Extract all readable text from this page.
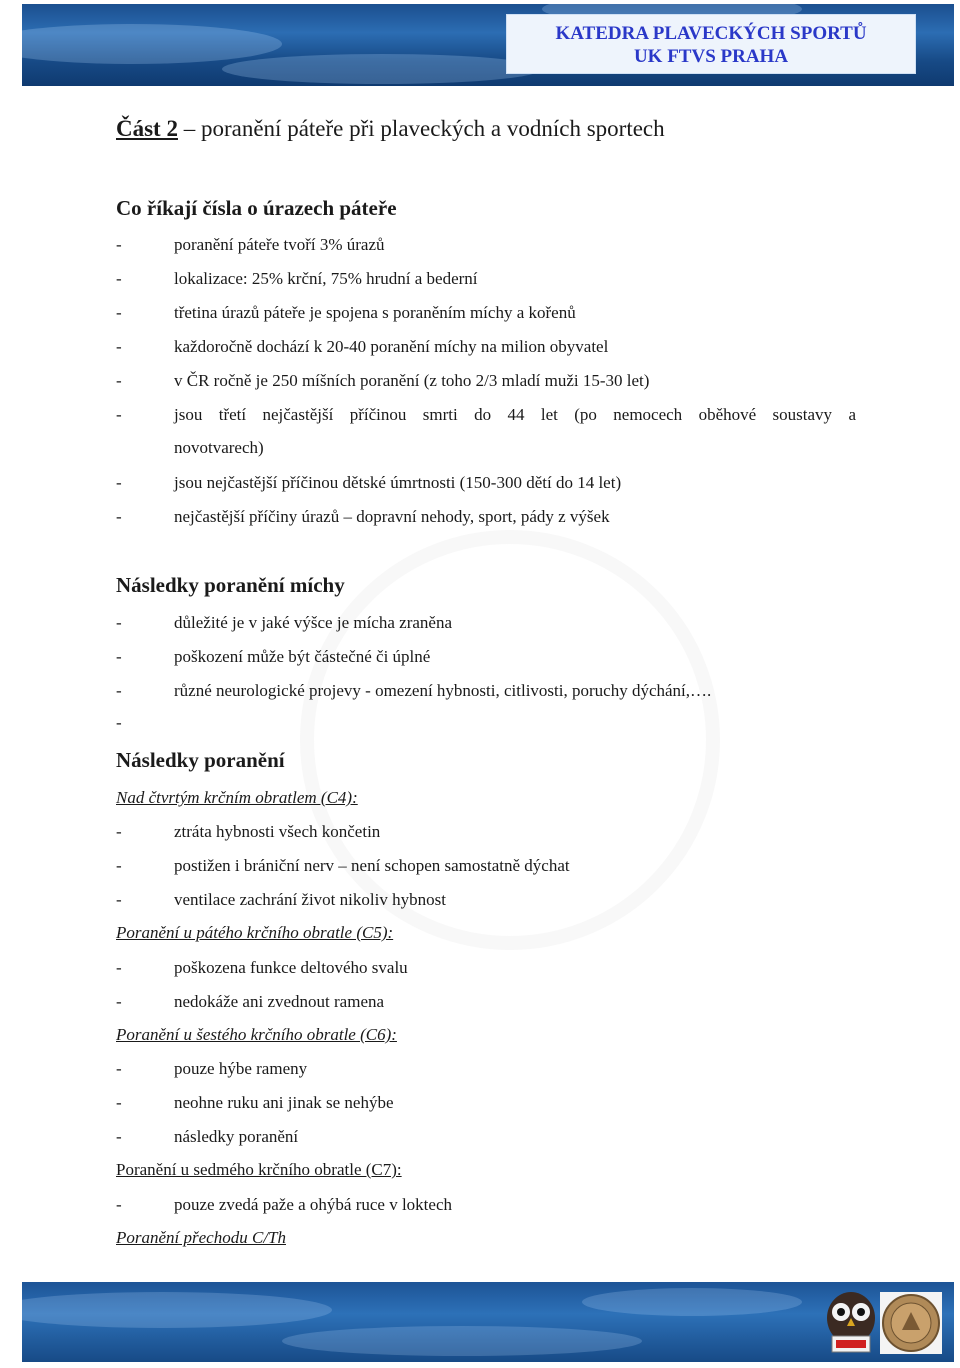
KATEDRA PLAVECKÝCH SPORTŮ
UK FTVS PRAHA
Část 2 – poranění páteře při plaveckých a vodních sportech
Co říkají čísla o úrazech páteře
-	poranění páteře tvoří 3% úrazů
-	lokalizace: 25% krční, 75% hrudní a bederní
-	třetina úrazů páteře je spojena s poraněním míchy a kořenů
-	každoročně dochází k 20-40 poranění míchy na milion obyvatel
-	v ČR ročně je 250 míšních poranění (z toho 2/3 mladí muži 15-30 let)
-	jsou třetí nejčastější příčinou smrti do 44 let (po nemocech oběhové soustavy a
novotvarech)
-	jsou nejčastější příčinou dětské úmrtnosti (150-300 dětí do 14 let)
-	nejčastější příčiny úrazů – dopravní nehody, sport, pády z výšek
Následky poranění míchy
-	důležité je v jaké výšce je mícha zraněna
-	poškození může být částečné či úplné
-	různé neurologické projevy - omezení hybnosti, citlivosti, poruchy dýchání,….
-
Následky poranění
Nad čtvrtým krčním obratlem (C4):
-	ztráta hybnosti všech končetin
-	postižen i brániční nerv – není schopen samostatně dýchat
-	ventilace zachrání život nikoliv hybnost
Poranění u pátého krčního obratle (C5):
-	poškozena funkce deltového svalu
-	nedokáže ani zvednout ramena
Poranění u šestého krčního obratle (C6):
-	pouze hýbe rameny
-	neohne ruku ani jinak se nehýbe
-	následky poranění
Poranění u sedmého krčního obratle (C7):
-	pouze zvedá paže a ohýbá ruce v loktech
Poranění přechodu C/Th
